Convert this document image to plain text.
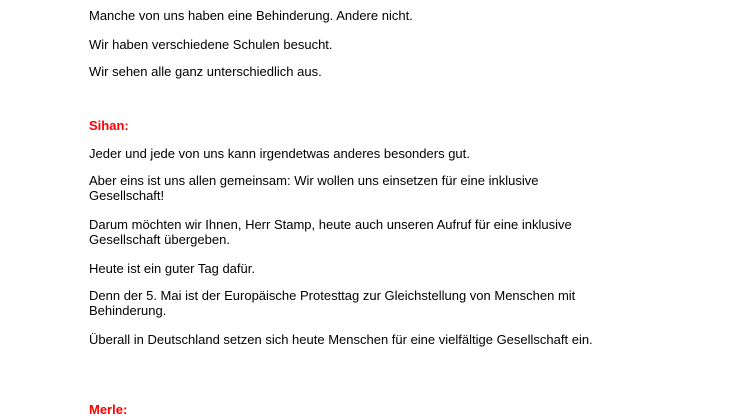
Manche von uns haben eine Behinderung. Andere nicht.

Wir haben verschiedene Schulen besucht.

Wir sehen alle ganz unterschiedlich aus.

Sihan:

Jeder und jede von uns kann irgendetwas anderes besonders gut.

Aber eins ist uns allen gemeinsam: Wir wollen uns einsetzen für eine inklusive Gesellschaft!

Darum möchten wir Ihnen, Herr Stamp, heute auch unseren Aufruf für eine inklusive Gesellschaft übergeben.

Heute ist ein guter Tag dafür.

Denn der 5. Mai ist der Europäische Protesttag zur Gleichstellung von Menschen mit Behinderung.

Überall in Deutschland setzen sich heute Menschen für eine vielfältige Gesellschaft ein.

Merle:
